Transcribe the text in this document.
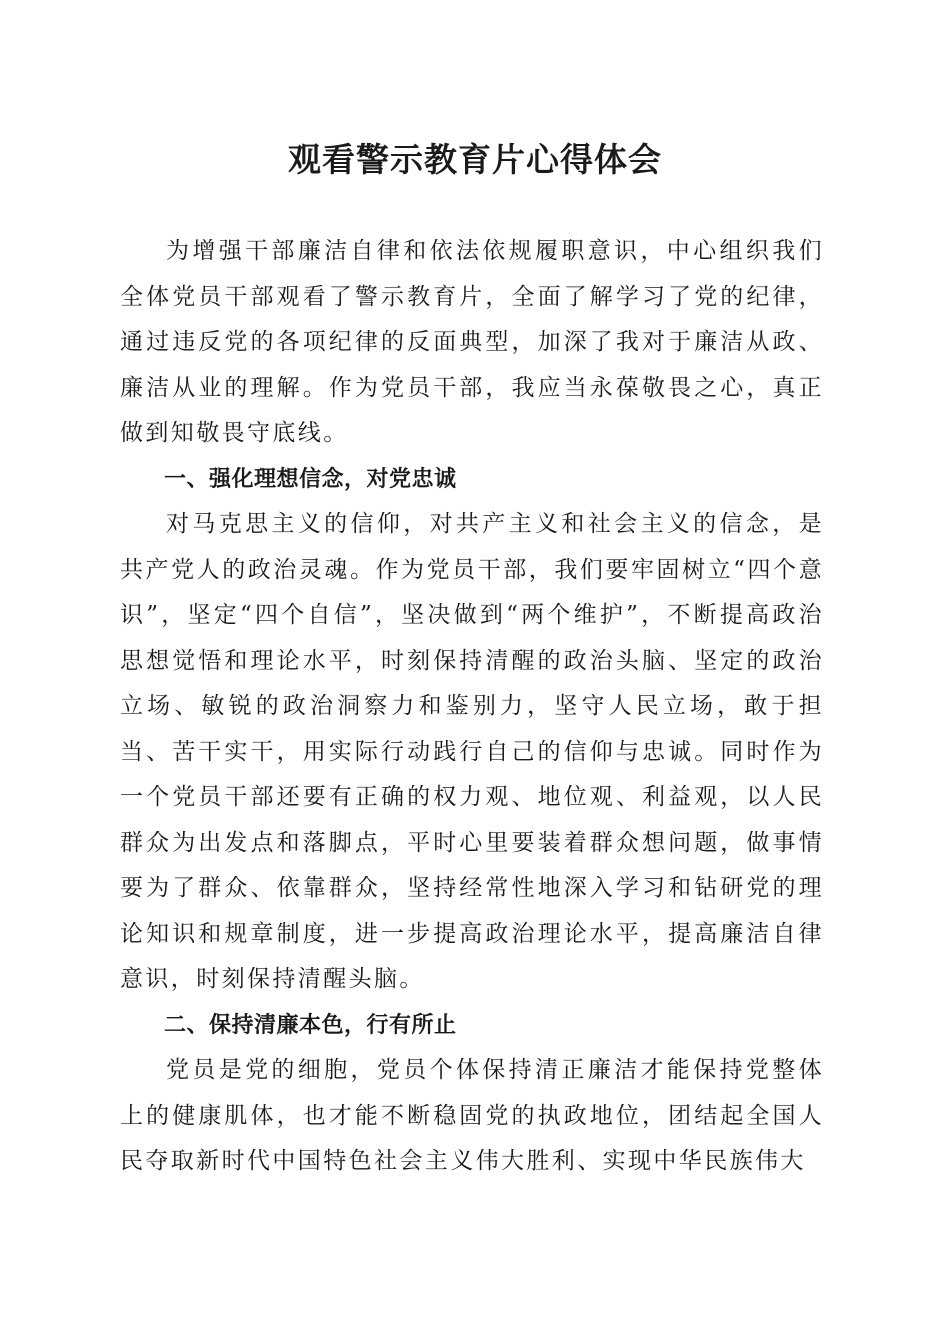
观看警示教育片心得体会

为增强干部廉洁自律和依法依规履职意识，中心组织我们全体党员干部观看了警示教育片，全面了解学习了党的纪律，通过违反党的各项纪律的反面典型，加深了我对于廉洁从政、廉洁从业的理解。作为党员干部，我应当永葆敬畏之心，真正做到知敬畏守底线。

一、强化理想信念，对党忠诚

对马克思主义的信仰，对共产主义和社会主义的信念，是共产党人的政治灵魂。作为党员干部，我们要牢固树立“四个意识”，坚定“四个自信”，坚决做到“两个维护”，不断提高政治思想觉悟和理论水平，时刻保持清醒的政治头脑、坚定的政治立场、敏锐的政治洞察力和鉴别力，坚守人民立场，敢于担当、苦干实干，用实际行动践行自己的信仰与忠诚。同时作为一个党员干部还要有正确的权力观、地位观、利益观，以人民群众为出发点和落脚点，平时心里要装着群众想问题，做事情要为了群众、依靠群众，坚持经常性地深入学习和钻研党的理论知识和规章制度，进一步提高政治理论水平，提高廉洁自律意识，时刻保持清醒头脑。

二、保持清廉本色，行有所止

党员是党的细胞，党员个体保持清正廉洁才能保持党整体上的健康肌体，也才能不断稳固党的执政地位，团结起全国人民夺取新时代中国特色社会主义伟大胜利、实现中华民族伟大
